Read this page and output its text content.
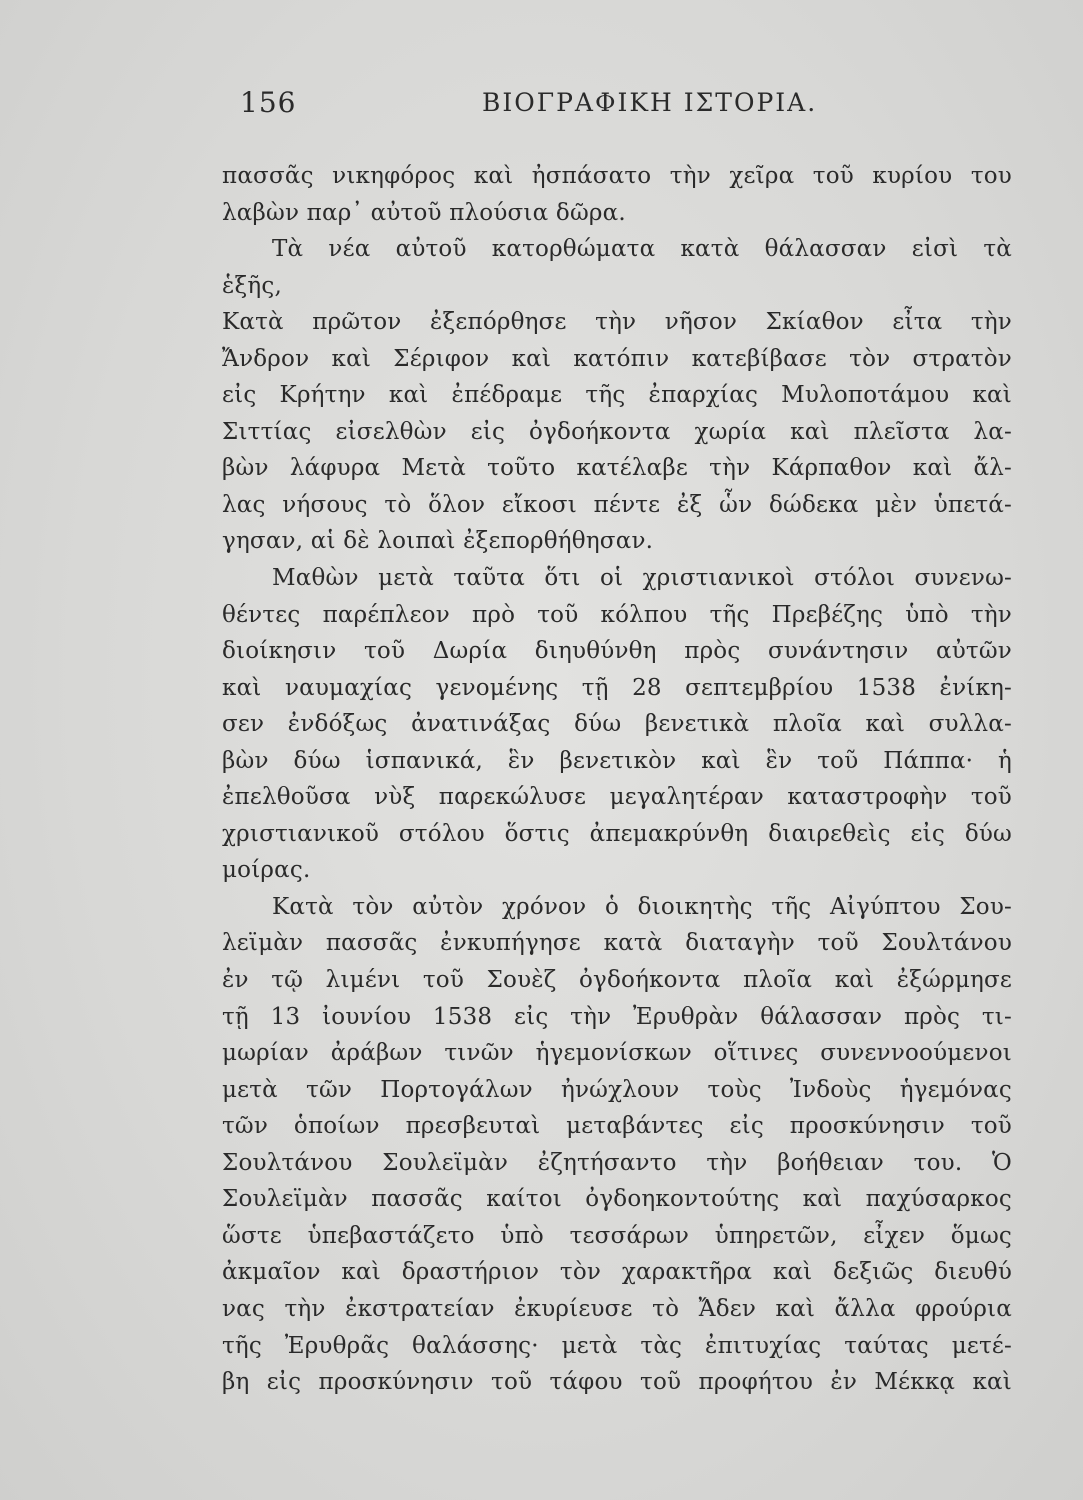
156	ΒΙΟΓΡΑΦΙΚΗ ΙΣΤΟΡΙΑ.
πασσᾶς νικηφόρος καὶ ἠσπάσατο τὴν χεῖρα τοῦ κυρίου του
λαβὼν παρ᾽ αὐτοῦ πλούσια δῶρα.
Τὰ νέα αὐτοῦ κατορθώματα κατὰ θάλασσαν εἰσὶ τὰ
ἑξῆς,
Κατὰ πρῶτον ἐξεπόρθησε τὴν νῆσον Σκίαθον εἶτα τὴν
Ἄνδρον καὶ Σέριφον καὶ κατόπιν κατεβίβασε τὸν στρατὸν
εἰς Κρήτην καὶ ἐπέδραμε τῆς ἐπαρχίας Μυλοποτάμου καὶ
Σιττίας εἰσελθὼν εἰς ὀγδοήκοντα χωρία καὶ πλεῖστα λα-
βὼν λάφυρα Μετὰ τοῦτο κατέλαβε τὴν Κάρπαθον καὶ ἄλ-
λας νήσους τὸ ὅλον εἴκοσι πέντε ἐξ ὧν δώδεκα μὲν ὑπετά-
γησαν, αἱ δὲ λοιπαὶ ἐξεπορθήθησαν.
Μαθὼν μετὰ ταῦτα ὅτι οἱ χριστιανικοὶ στόλοι συνενω-
θέντες παρέπλεον πρὸ τοῦ κόλπου τῆς Πρεβέζης ὑπὸ τὴν
διοίκησιν τοῦ Δωρία διηυθύνθη πρὸς συνάντησιν αὐτῶν
καὶ ναυμαχίας γενομένης τῇ 28 σεπτεμβρίου 1538 ἐνίκη-
σεν ἐνδόξως ἀνατινάξας δύω βενετικὰ πλοῖα καὶ συλλα-
βὼν δύω ἱσπανικά, ἓν βενετικὸν καὶ ἓν τοῦ Πάππα· ἡ
ἐπελθοῦσα νὺξ παρεκώλυσε μεγαλητέραν καταστροφὴν τοῦ
χριστιανικοῦ στόλου ὅστις ἀπεμακρύνθη διαιρεθεὶς εἰς δύω
μοίρας.
Κατὰ τὸν αὐτὸν χρόνον ὁ διοικητὴς τῆς Αἰγύπτου Σου-
λεϊμὰν πασσᾶς ἐνκυπήγησε κατὰ διαταγὴν τοῦ Σουλτάνου
ἐν τῷ λιμένι τοῦ Σουὲζ ὀγδοήκοντα πλοῖα καὶ ἐξώρμησε
τῇ 13 ἰουνίου 1538 εἰς τὴν Ἐρυθρὰν θάλασσαν πρὸς τι-
μωρίαν ἀράβων τινῶν ἡγεμονίσκων οἵτινες συνεννοούμενοι
μετὰ τῶν Πορτογάλων ἠνώχλουν τοὺς Ἰνδοὺς ἡγεμόνας
τῶν ὁποίων πρεσβευταὶ μεταβάντες εἰς προσκύνησιν τοῦ
Σουλτάνου Σουλεϊμὰν ἐζητήσαντο τὴν βοήθειαν του. Ὁ
Σουλεϊμὰν πασσᾶς καίτοι ὀγδοηκοντούτης καὶ παχύσαρκος
ὥστε ὑπεβαστάζετο ὑπὸ τεσσάρων ὑπηρετῶν, εἶχεν ὅμως
ἀκμαῖον καὶ δραστήριον τὸν χαρακτῆρα καὶ δεξιῶς διευθύ
νας τὴν ἐκστρατείαν ἐκυρίευσε τὸ Ἄδεν καὶ ἄλλα φρούρια
τῆς Ἐρυθρᾶς θαλάσσης· μετὰ τὰς ἐπιτυχίας ταύτας μετέ-
βη εἰς προσκύνησιν τοῦ τάφου τοῦ προφήτου ἐν Μέκκᾳ καὶ
